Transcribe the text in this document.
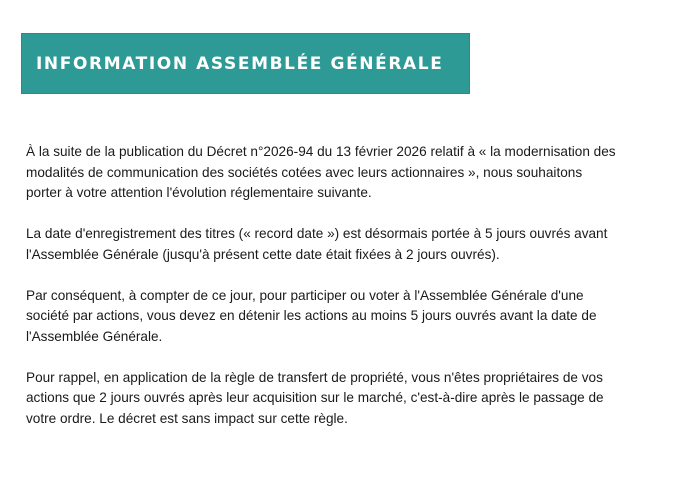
INFORMATION ASSEMBLÉE GÉNÉRALE

À la suite de la publication du Décret n°2026-94 du 13 février 2026 relatif à « la modernisation des
modalités de communication des sociétés cotées avec leurs actionnaires », nous souhaitons
porter à votre attention l'évolution réglementaire suivante.

La date d'enregistrement des titres (« record date ») est désormais portée à 5 jours ouvrés avant
l'Assemblée Générale (jusqu'à présent cette date était fixées à 2 jours ouvrés).

Par conséquent, à compter de ce jour, pour participer ou voter à l'Assemblée Générale d'une
société par actions, vous devez en détenir les actions au moins 5 jours ouvrés avant la date de
l'Assemblée Générale.

Pour rappel, en application de la règle de transfert de propriété, vous n'êtes propriétaires de vos
actions que 2 jours ouvrés après leur acquisition sur le marché, c'est-à-dire après le passage de
votre ordre. Le décret est sans impact sur cette règle.
